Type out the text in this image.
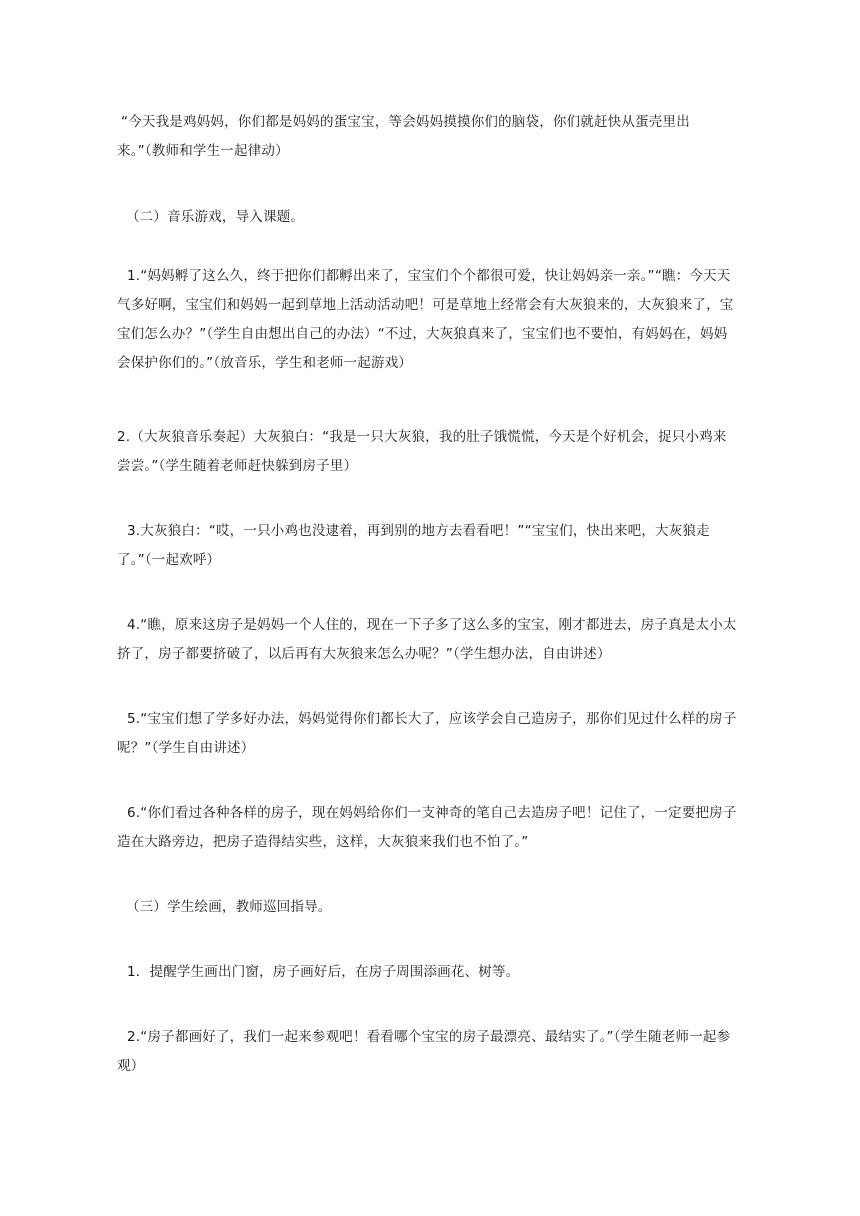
“今天我是鸡妈妈，你们都是妈妈的蛋宝宝，等会妈妈摸摸你们的脑袋，你们就赶快从蛋壳里出来。”（教师和学生一起律动）

（二）音乐游戏，导入课题。

1.“妈妈孵了这么久，终于把你们都孵出来了，宝宝们个个都很可爱，快让妈妈亲一亲。”“瞧：今天天气多好啊，宝宝们和妈妈一起到草地上活动活动吧！可是草地上经常会有大灰狼来的，大灰狼来了，宝宝们怎么办？”（学生自由想出自己的办法）“不过，大灰狼真来了，宝宝们也不要怕，有妈妈在，妈妈会保护你们的。”（放音乐，学生和老师一起游戏）

2.（大灰狼音乐奏起）大灰狼白：“我是一只大灰狼，我的肚子饿慌慌，今天是个好机会，捉只小鸡来尝尝。”（学生随着老师赶快躲到房子里）

3.大灰狼白：“哎，一只小鸡也没逮着，再到别的地方去看看吧！”“宝宝们，快出来吧，大灰狼走了。”（一起欢呼）

4.“瞧，原来这房子是妈妈一个人住的，现在一下子多了这么多的宝宝，刚才都进去，房子真是太小太挤了，房子都要挤破了，以后再有大灰狼来怎么办呢？”（学生想办法，自由讲述）

5.“宝宝们想了学多好办法，妈妈觉得你们都长大了，应该学会自己造房子，那你们见过什么样的房子呢？”（学生自由讲述）

6.“你们看过各种各样的房子，现在妈妈给你们一支神奇的笔自己去造房子吧！记住了，一定要把房子造在大路旁边，把房子造得结实些，这样，大灰狼来我们也不怕了。”

（三）学生绘画，教师巡回指导。

1．提醒学生画出门窗，房子画好后，在房子周围添画花、树等。

2.“房子都画好了，我们一起来参观吧！看看哪个宝宝的房子最漂亮、最结实了。”（学生随老师一起参观）
